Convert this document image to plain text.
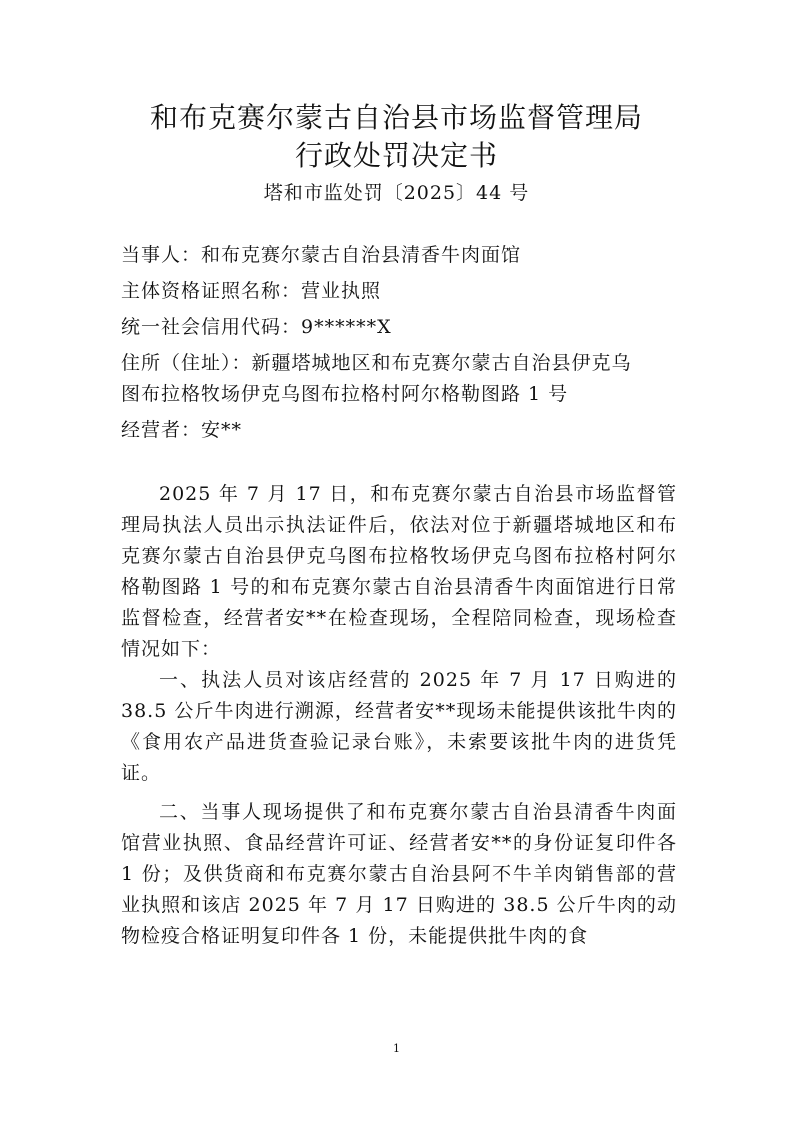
和布克赛尔蒙古自治县市场监督管理局
行政处罚决定书
塔和市监处罚〔2025〕44 号
当事人：和布克赛尔蒙古自治县清香牛肉面馆
主体资格证照名称：营业执照
统一社会信用代码：9******X
住所（住址）：新疆塔城地区和布克赛尔蒙古自治县伊克乌
图布拉格牧场伊克乌图布拉格村阿尔格勒图路 1 号
经营者：安**

2025 年 7 月 17 日，和布克赛尔蒙古自治县市场监督管理局执法人员出示执法证件后，依法对位于新疆塔城地区和布克赛尔蒙古自治县伊克乌图布拉格牧场伊克乌图布拉格村阿尔格勒图路 1 号的和布克赛尔蒙古自治县清香牛肉面馆进行日常监督检查，经营者安**在检查现场，全程陪同检查，现场检查情况如下：

一、执法人员对该店经营的 2025 年 7 月 17 日购进的 38.5 公斤牛肉进行溯源，经营者安**现场未能提供该批牛肉的《食用农产品进货查验记录台账》，未索要该批牛肉的进货凭证。

二、当事人现场提供了和布克赛尔蒙古自治县清香牛肉面馆营业执照、食品经营许可证、经营者安**的身份证复印件各 1 份；及供货商和布克赛尔蒙古自治县阿不牛羊肉销售部的营业执照和该店 2025 年 7 月 17 日购进的 38.5 公斤牛肉的动物检疫合格证明复印件各 1 份，未能提供批牛肉的食

1
